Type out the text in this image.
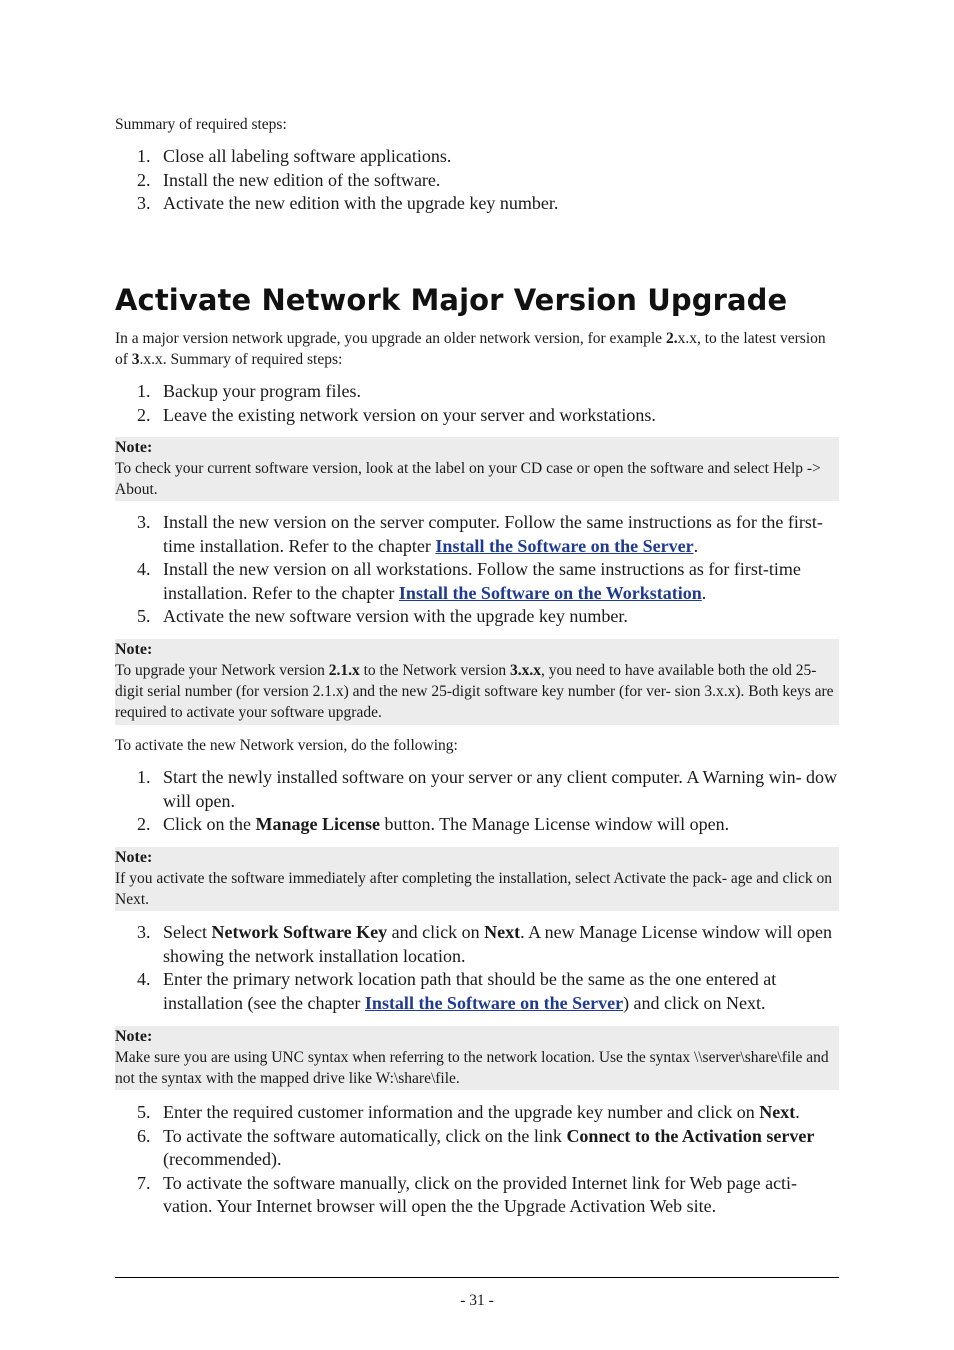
Summary of required steps:

1. Close all labeling software applications.
2. Install the new edition of the software.
3. Activate the new edition with the upgrade key number.
Activate Network Major Version Upgrade

In a major version network upgrade, you upgrade an older network version, for example 2.x.x, to the latest version of 3.x.x. Summary of required steps:

1. Backup your program files.
2. Leave the existing network version on your server and workstations.
Note:
To check your current software version, look at the label on your CD case or open the software and select Help -> About.
3. Install the new version on the server computer. Follow the same instructions as for the first-time installation. Refer to the chapter Install the Software on the Server.
4. Install the new version on all workstations. Follow the same instructions as for first-time installation. Refer to the chapter Install the Software on the Workstation.
5. Activate the new software version with the upgrade key number.
Note:
To upgrade your Network version 2.1.x to the Network version 3.x.x, you need to have available both the old 25-digit serial number (for version 2.1.x) and the new 25-digit software key number (for ver- sion 3.x.x). Both keys are required to activate your software upgrade.

To activate the new Network version, do the following:

1. Start the newly installed software on your server or any client computer. A Warning win- dow will open.
2. Click on the Manage License button. The Manage License window will open.
Note:
If you activate the software immediately after completing the installation, select Activate the pack- age and click on Next.
3. Select Network Software Key and click on Next. A new Manage License window will open showing the network installation location.
4. Enter the primary network location path that should be the same as the one entered at installation (see the chapter Install the Software on the Server) and click on Next.
Note:
Make sure you are using UNC syntax when referring to the network location. Use the syntax \\server\share\file and not the syntax with the mapped drive like W:\share\file.
5. Enter the required customer information and the upgrade key number and click on Next.
6. To activate the software automatically, click on the link Connect to the Activation server (recommended).
7. To activate the software manually, click on the provided Internet link for Web page acti- vation. Your Internet browser will open the the Upgrade Activation Web site.
- 31 -
